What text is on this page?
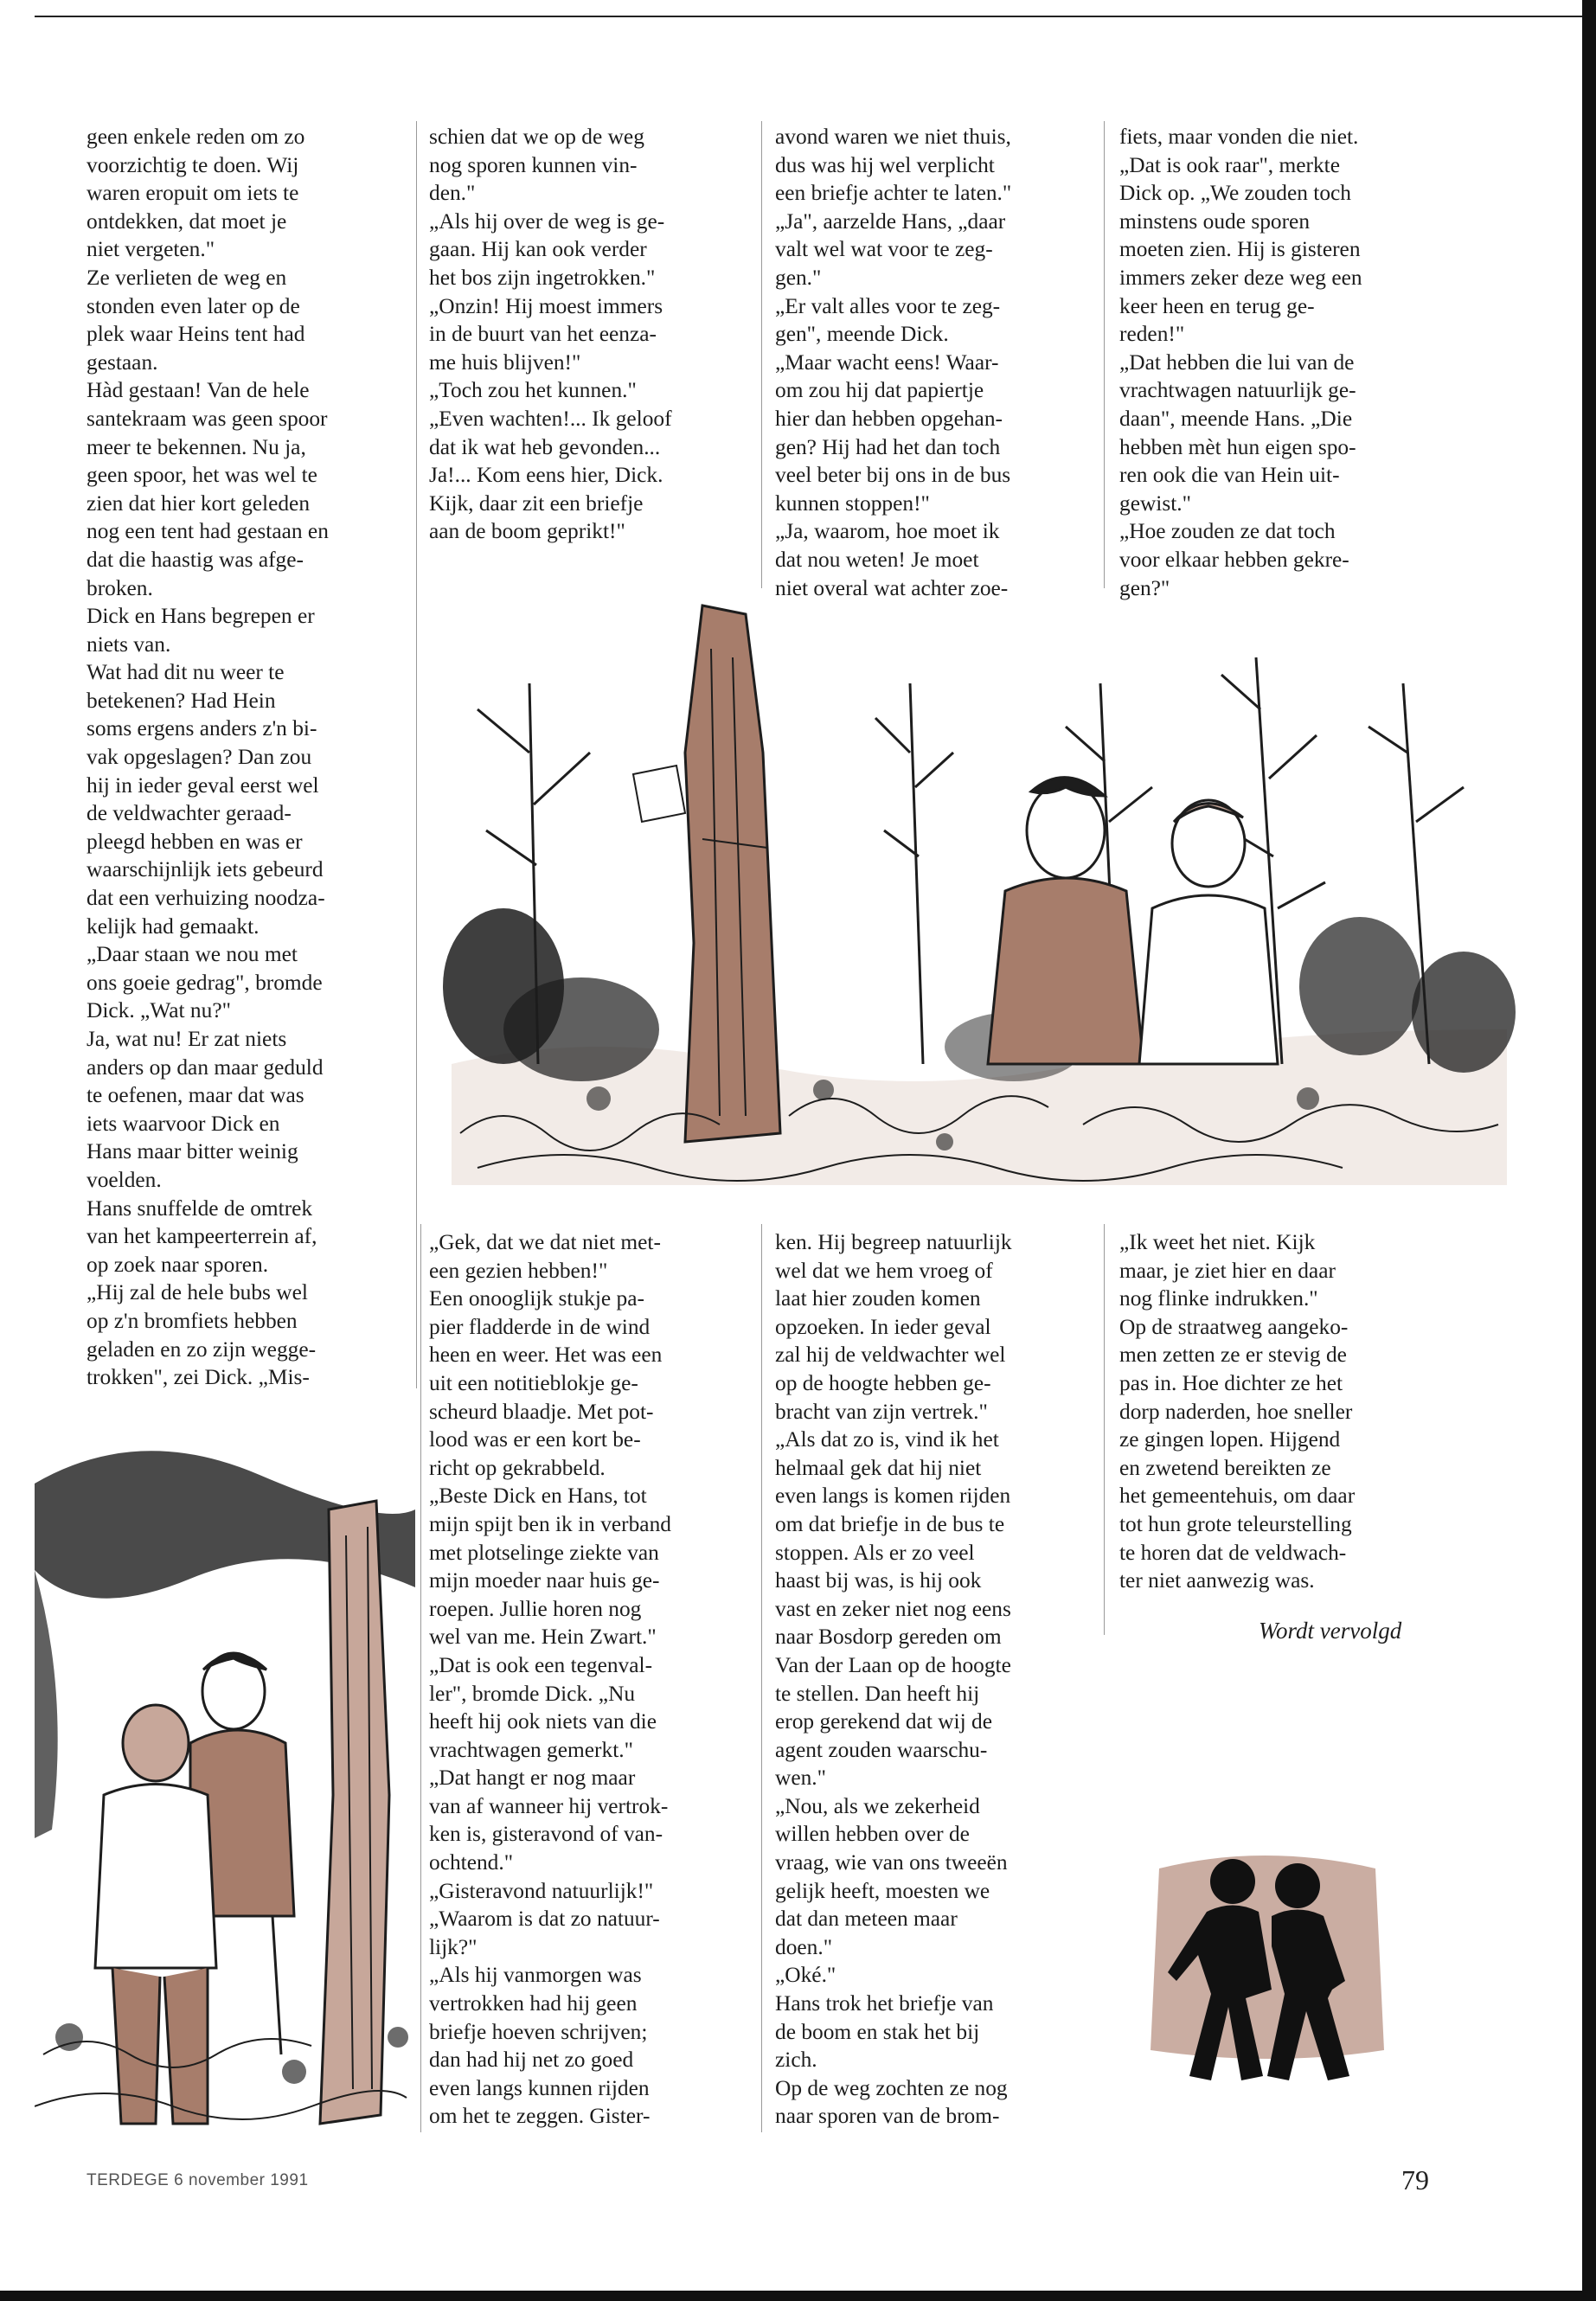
geen enkele reden om zo
voorzichtig te doen. Wij
waren eropuit om iets te
ontdekken, dat moet je
niet vergeten."
Ze verlieten de weg en
stonden even later op de
plek waar Heins tent had
gestaan.
Hàd gestaan! Van de hele
santekraam was geen spoor
meer te bekennen. Nu ja,
geen spoor, het was wel te
zien dat hier kort geleden
nog een tent had gestaan en
dat die haastig was afge-
broken.
Dick en Hans begrepen er
niets van.
Wat had dit nu weer te
betekenen? Had Hein
soms ergens anders z'n bi-
vak opgeslagen? Dan zou
hij in ieder geval eerst wel
de veldwachter geraad-
pleegd hebben en was er
waarschijnlijk iets gebeurd
dat een verhuizing noodza-
kelijk had gemaakt.
„Daar staan we nou met
ons goeie gedrag", bromde
Dick. „Wat nu?"
Ja, wat nu! Er zat niets
anders op dan maar geduld
te oefenen, maar dat was
iets waarvoor Dick en
Hans maar bitter weinig
voelden.
Hans snuffelde de omtrek
van het kampeerterrein af,
op zoek naar sporen.
„Hij zal de hele bubs wel
op z'n bromfiets hebben
geladen en zo zijn wegge-
trokken", zei Dick. „Mis-

schien dat we op de weg
nog sporen kunnen vin-
den."
„Als hij over de weg is ge-
gaan. Hij kan ook verder
het bos zijn ingetrokken."
„Onzin! Hij moest immers
in de buurt van het eenza-
me huis blijven!"
„Toch zou het kunnen."
„Even wachten!... Ik geloof
dat ik wat heb gevonden...
Ja!... Kom eens hier, Dick.
Kijk, daar zit een briefje
aan de boom geprikt!"

avond waren we niet thuis,
dus was hij wel verplicht
een briefje achter te laten."
„Ja", aarzelde Hans, „daar
valt wel wat voor te zeg-
gen."
„Er valt alles voor te zeg-
gen", meende Dick.
„Maar wacht eens! Waar-
om zou hij dat papiertje
hier dan hebben opgehan-
gen? Hij had het dan toch
veel beter bij ons in de bus
kunnen stoppen!"
„Ja, waarom, hoe moet ik
dat nou weten! Je moet
niet overal wat achter zoe-

fiets, maar vonden die niet.
„Dat is ook raar", merkte
Dick op. „We zouden toch
minstens oude sporen
moeten zien. Hij is gisteren
immers zeker deze weg een
keer heen en terug ge-
reden!"
„Dat hebben die lui van de
vrachtwagen natuurlijk ge-
daan", meende Hans. „Die
hebben mèt hun eigen spo-
ren ook die van Hein uit-
gewist."
„Hoe zouden ze dat toch
voor elkaar hebben gekre-
gen?"

„Gek, dat we dat niet met-
een gezien hebben!"
Een onooglijk stukje pa-
pier fladderde in de wind
heen en weer. Het was een
uit een notitieblokje ge-
scheurd blaadje. Met pot-
lood was er een kort be-
richt op gekrabbeld.
„Beste Dick en Hans, tot
mijn spijt ben ik in verband
met plotselinge ziekte van
mijn moeder naar huis ge-
roepen. Jullie horen nog
wel van me. Hein Zwart."
„Dat is ook een tegenval-
ler", bromde Dick. „Nu
heeft hij ook niets van die
vrachtwagen gemerkt."
„Dat hangt er nog maar
van af wanneer hij vertrok-
ken is, gisteravond of van-
ochtend."
„Gisteravond natuurlijk!"
„Waarom is dat zo natuur-
lijk?"
„Als hij vanmorgen was
vertrokken had hij geen
briefje hoeven schrijven;
dan had hij net zo goed
even langs kunnen rijden
om het te zeggen. Gister-

ken. Hij begreep natuurlijk
wel dat we hem vroeg of
laat hier zouden komen
opzoeken. In ieder geval
zal hij de veldwachter wel
op de hoogte hebben ge-
bracht van zijn vertrek."
„Als dat zo is, vind ik het
helmaal gek dat hij niet
even langs is komen rijden
om dat briefje in de bus te
stoppen. Als er zo veel
haast bij was, is hij ook
vast en zeker niet nog eens
naar Bosdorp gereden om
Van der Laan op de hoogte
te stellen. Dan heeft hij
erop gerekend dat wij de
agent zouden waarschu-
wen."
„Nou, als we zekerheid
willen hebben over de
vraag, wie van ons tweeën
gelijk heeft, moesten we
dat dan meteen maar
doen."
„Oké."
Hans trok het briefje van
de boom en stak het bij
zich.
Op de weg zochten ze nog
naar sporen van de brom-

„Ik weet het niet. Kijk
maar, je ziet hier en daar
nog flinke indrukken."
Op de straatweg aangeko-
men zetten ze er stevig de
pas in. Hoe dichter ze het
dorp naderden, hoe sneller
ze gingen lopen. Hijgend
en zwetend bereikten ze
het gemeentehuis, om daar
tot hun grote teleurstelling
te horen dat de veldwach-
ter niet aanwezig was.

Wordt vervolgd
TERDEGE 6 november 1991	79
